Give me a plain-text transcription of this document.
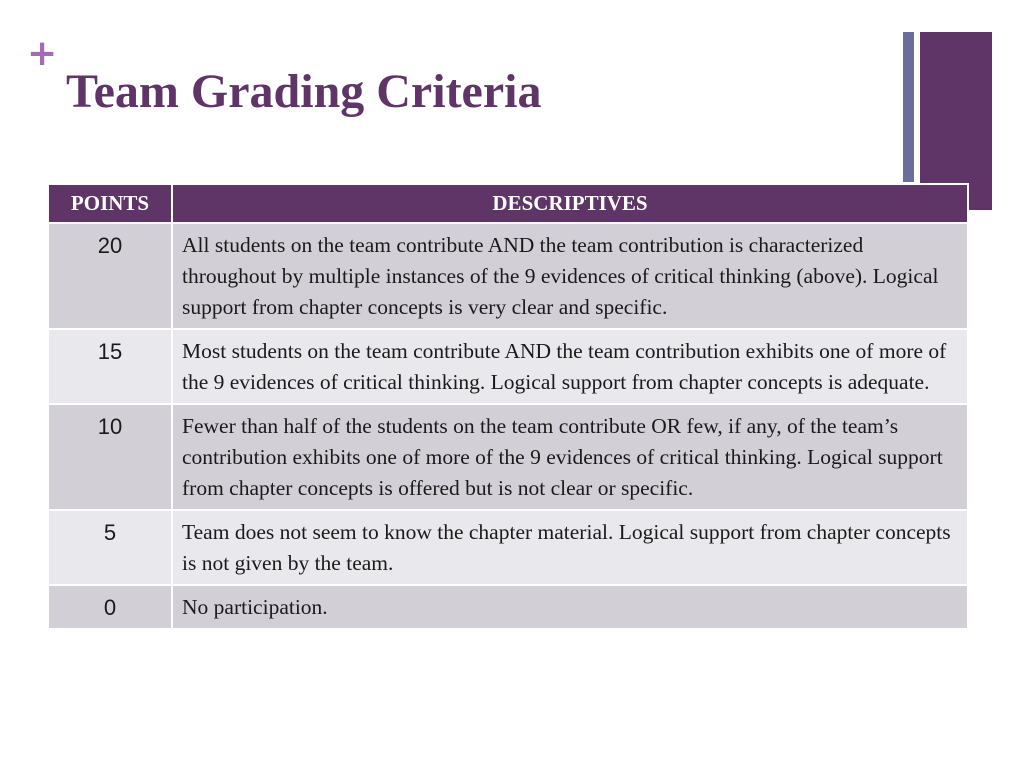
+
Team Grading Criteria
POINTS	DESCRIPTIVES
20	All students on the team contribute AND the team contribution is characterized throughout by multiple instances of the 9 evidences of critical thinking (above). Logical support from chapter concepts is very clear and specific.
15	Most students on the team contribute AND the team contribution exhibits one of more of the 9 evidences of critical thinking. Logical support from chapter concepts is adequate.
10	Fewer than half of the students on the team contribute OR few, if any, of the team’s contribution exhibits one of more of the 9 evidences of critical thinking. Logical support from chapter concepts is offered but is not clear or specific.
5	Team does not seem to know the chapter material. Logical support from chapter concepts is not given by the team.
0	No participation.
